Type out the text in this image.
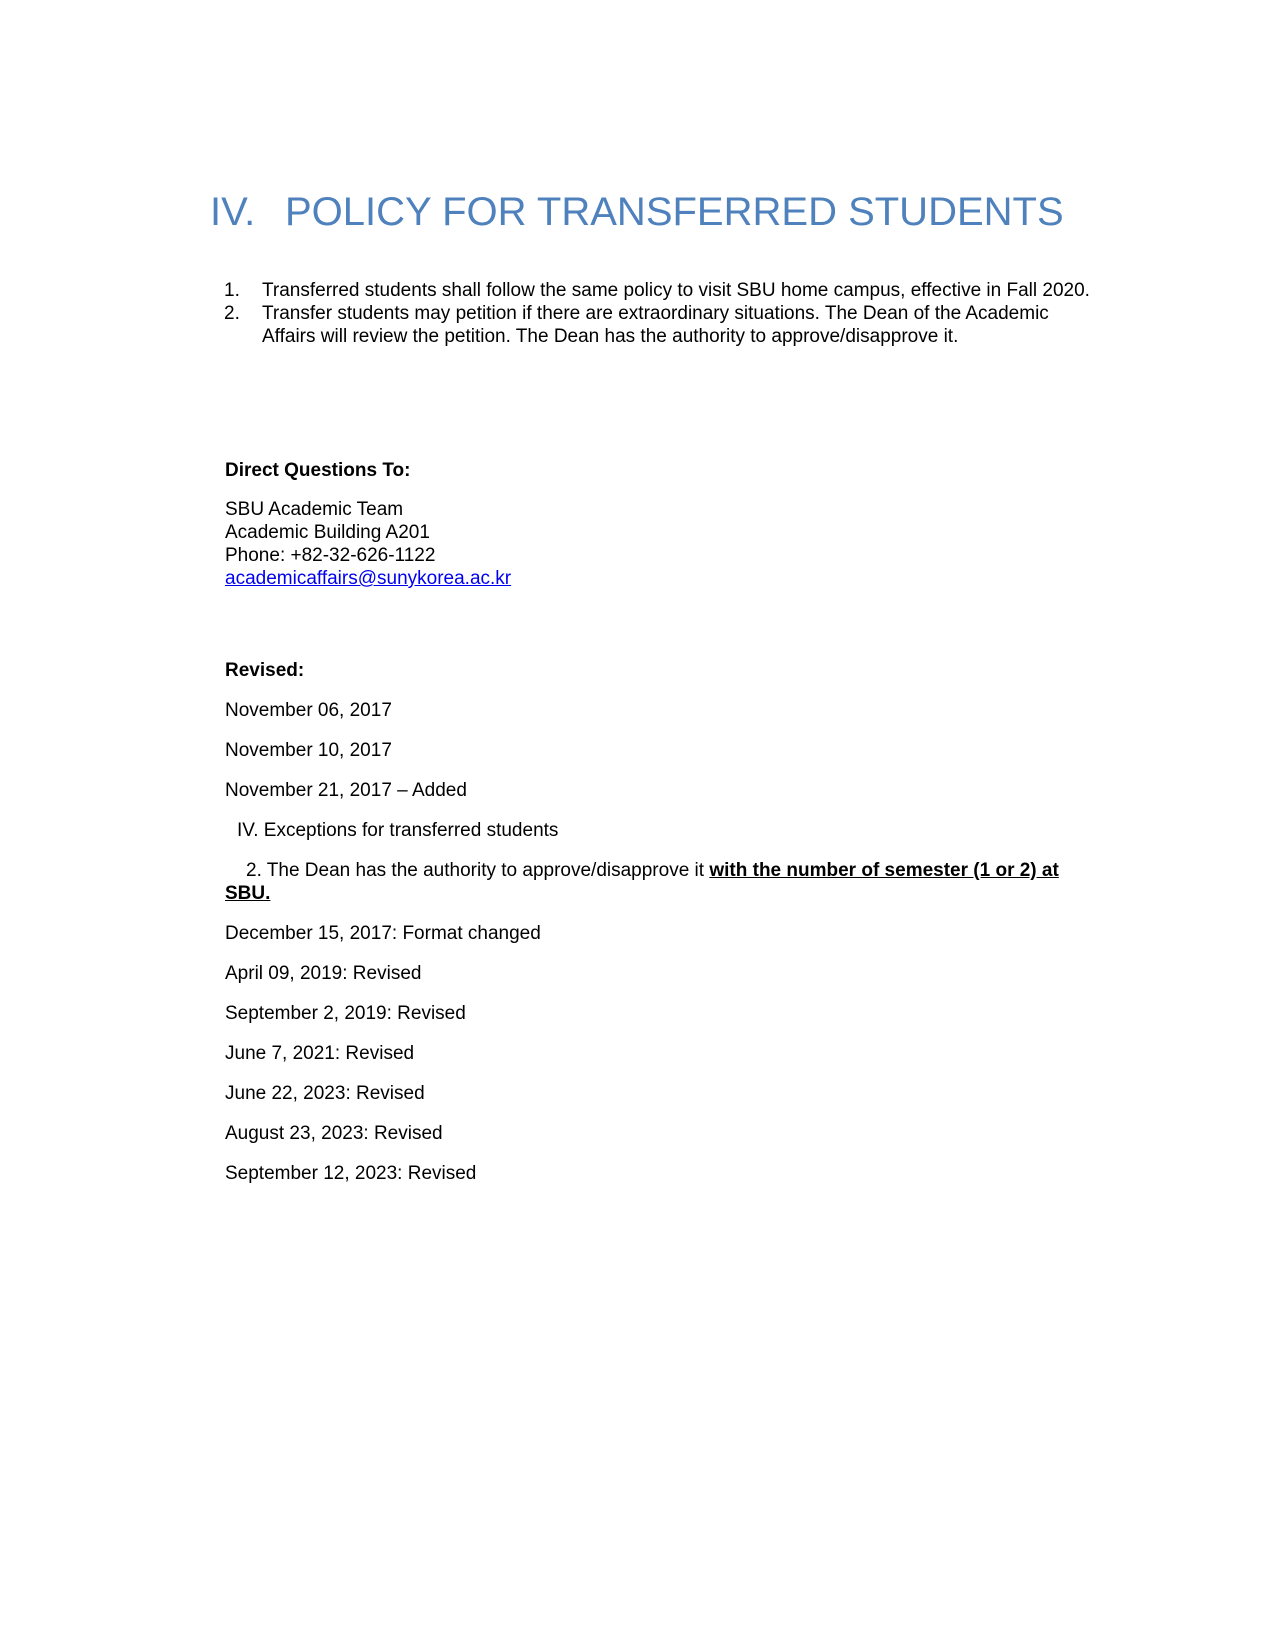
IV. POLICY FOR TRANSFERRED STUDENTS
1. Transferred students shall follow the same policy to visit SBU home campus, effective in Fall 2020.
2. Transfer students may petition if there are extraordinary situations. The Dean of the Academic Affairs will review the petition. The Dean has the authority to approve/disapprove it.
Direct Questions To:
SBU Academic Team
Academic Building A201
Phone: +82-32-626-1122
academicaffairs@sunykorea.ac.kr
Revised:
November 06, 2017
November 10, 2017
November 21, 2017 – Added
IV. Exceptions for transferred students
2. The Dean has the authority to approve/disapprove it with the number of semester (1 or 2) at SBU.
December 15, 2017: Format changed
April 09, 2019: Revised
September 2, 2019: Revised
June 7, 2021: Revised
June 22, 2023: Revised
August 23, 2023: Revised
September 12, 2023: Revised
